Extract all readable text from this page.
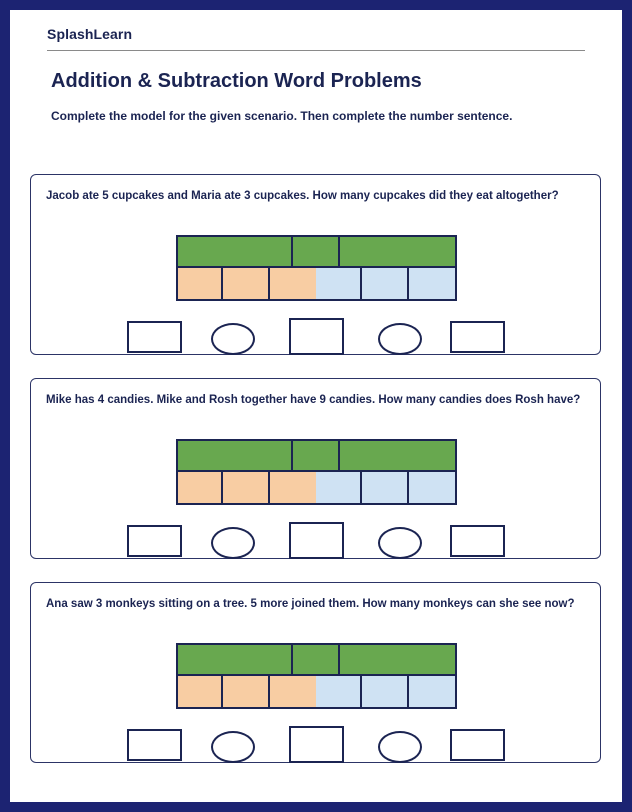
SplashLearn
Addition & Subtraction Word Problems
Complete the model for the given scenario. Then complete the number sentence.
Jacob ate 5 cupcakes and Maria ate 3 cupcakes. How many cupcakes did they eat altogether?
Mike has 4 candies. Mike and Rosh together have 9 candies. How many candies does Rosh have?
Ana saw 3 monkeys sitting on a tree. 5 more joined them. How many monkeys can she see now?
